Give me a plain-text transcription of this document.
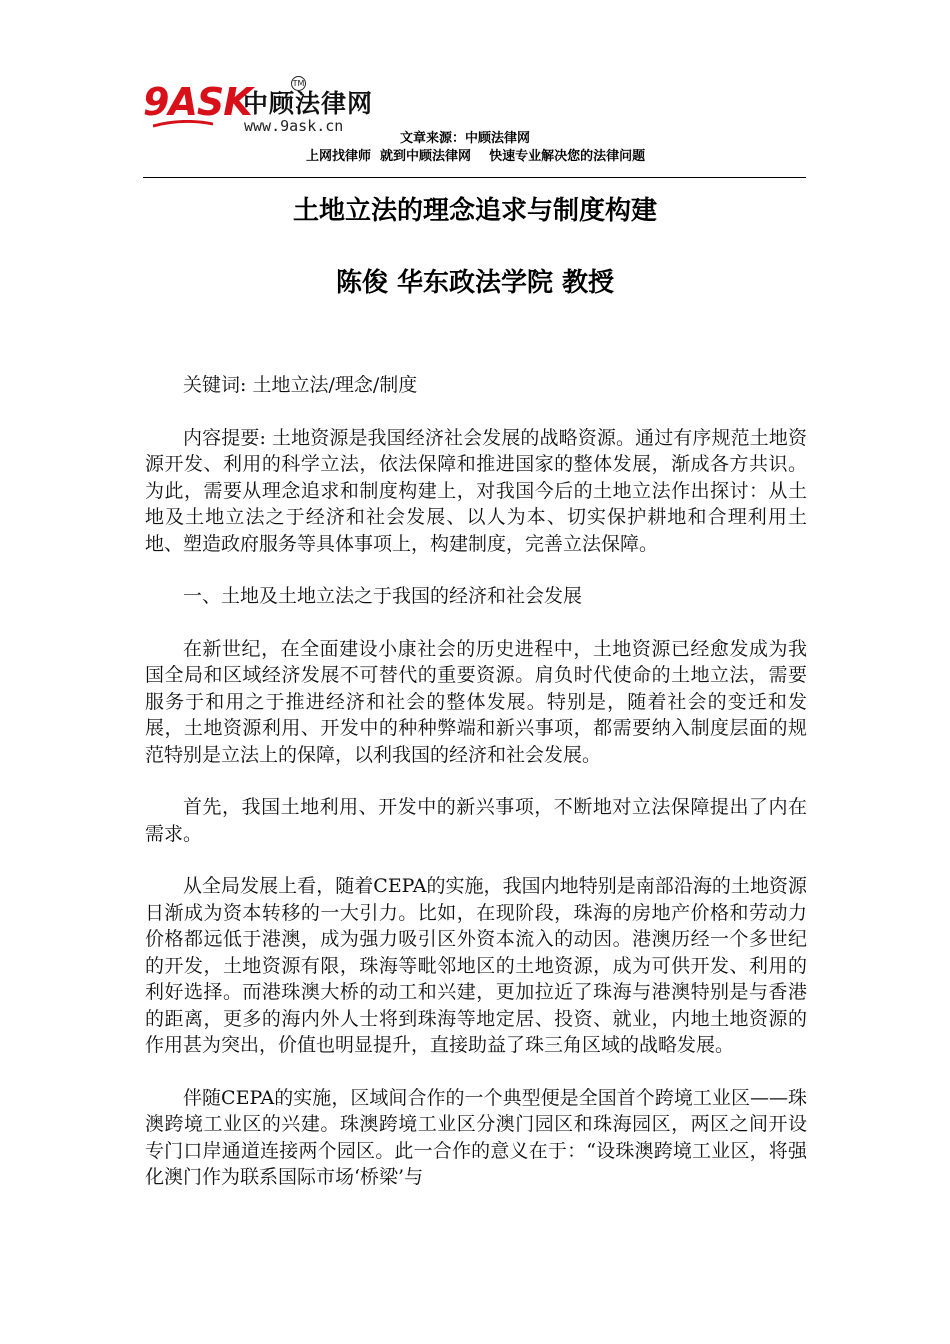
9ASK
中顾法律网
TM
www.9ask.cn
文章来源：中顾法律网
上网找律师  就到中顾法律网    快速专业解决您的法律问题
土地立法的理念追求与制度构建
陈俊 华东政法学院 教授

关键词: 土地立法/理念/制度

内容提要: 土地资源是我国经济社会发展的战略资源。通过有序规范土地资源开发、利用的科学立法，依法保障和推进国家的整体发展，渐成各方共识。为此，需要从理念追求和制度构建上，对我国今后的土地立法作出探讨：从土地及土地立法之于经济和社会发展、以人为本、切实保护耕地和合理利用土地、塑造政府服务等具体事项上，构建制度，完善立法保障。

一、土地及土地立法之于我国的经济和社会发展

在新世纪，在全面建设小康社会的历史进程中，土地资源已经愈发成为我国全局和区域经济发展不可替代的重要资源。肩负时代使命的土地立法，需要服务于和用之于推进经济和社会的整体发展。特别是，随着社会的变迁和发展，土地资源利用、开发中的种种弊端和新兴事项，都需要纳入制度层面的规范特别是立法上的保障，以利我国的经济和社会发展。

首先，我国土地利用、开发中的新兴事项，不断地对立法保障提出了内在需求。

从全局发展上看，随着CEPA的实施，我国内地特别是南部沿海的土地资源日渐成为资本转移的一大引力。比如，在现阶段，珠海的房地产价格和劳动力价格都远低于港澳，成为强力吸引区外资本流入的动因。港澳历经一个多世纪的开发，土地资源有限，珠海等毗邻地区的土地资源，成为可供开发、利用的利好选择。而港珠澳大桥的动工和兴建，更加拉近了珠海与港澳特别是与香港的距离，更多的海内外人士将到珠海等地定居、投资、就业，内地土地资源的作用甚为突出，价值也明显提升，直接助益了珠三角区域的战略发展。

伴随CEPA的实施，区域间合作的一个典型便是全国首个跨境工业区——珠澳跨境工业区的兴建。珠澳跨境工业区分澳门园区和珠海园区，两区之间开设专门口岸通道连接两个园区。此一合作的意义在于：“设珠澳跨境工业区，将强化澳门作为联系国际市场‘桥梁’与
